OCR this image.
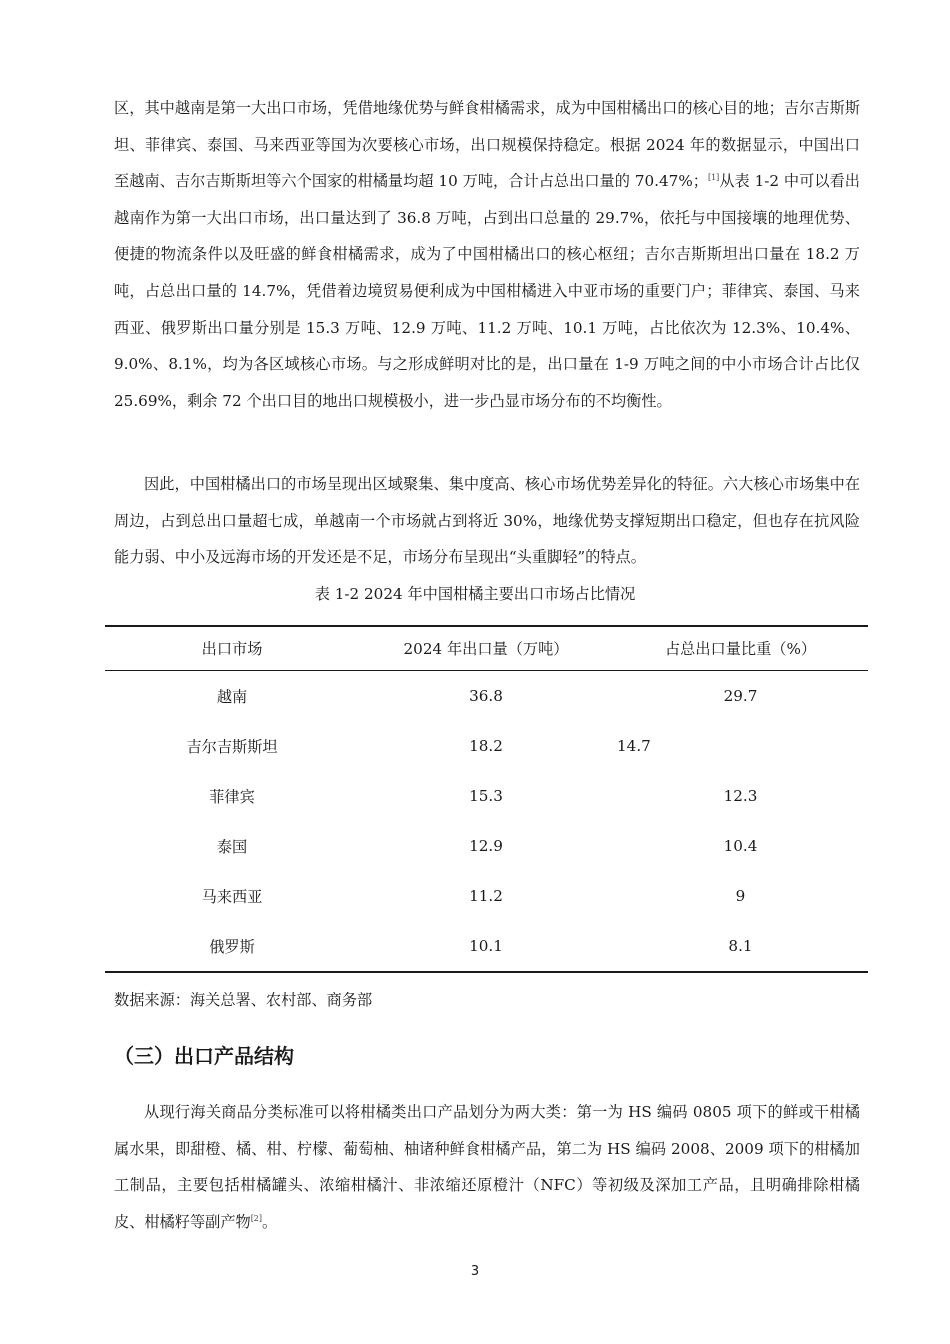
区，其中越南是第一大出口市场，凭借地缘优势与鲜食柑橘需求，成为中国柑橘出口的核心目的地；吉尔吉斯斯坦、菲律宾、泰国、马来西亚等国为次要核心市场，出口规模保持稳定。根据 2024 年的数据显示，中国出口至越南、吉尔吉斯斯坦等六个国家的柑橘量均超 10 万吨，合计占总出口量的 70.47%；[1]从表 1-2 中可以看出越南作为第一大出口市场，出口量达到了 36.8 万吨，占到出口总量的 29.7%，依托与中国接壤的地理优势、便捷的物流条件以及旺盛的鲜食柑橘需求，成为了中国柑橘出口的核心枢纽；吉尔吉斯斯坦出口量在 18.2 万吨，占总出口量的 14.7%，凭借着边境贸易便利成为中国柑橘进入中亚市场的重要门户；菲律宾、泰国、马来西亚、俄罗斯出口量分别是 15.3 万吨、12.9 万吨、11.2 万吨、10.1 万吨，占比依次为 12.3%、10.4%、9.0%、8.1%，均为各区域核心市场。与之形成鲜明对比的是，出口量在 1-9 万吨之间的中小市场合计占比仅 25.69%，剩余 72 个出口目的地出口规模极小，进一步凸显市场分布的不均衡性。

因此，中国柑橘出口的市场呈现出区域聚集、集中度高、核心市场优势差异化的特征。六大核心市场集中在周边，占到总出口量超七成，单越南一个市场就占到将近 30%，地缘优势支撑短期出口稳定，但也存在抗风险能力弱、中小及远海市场的开发还是不足，市场分布呈现出“头重脚轻”的特点。

表 1-2 2024 年中国柑橘主要出口市场占比情况
出口市场	2024 年出口量（万吨）	占总出口量比重（%）
越南	36.8	29.7
吉尔吉斯斯坦	18.2	14.7
菲律宾	15.3	12.3
泰国	12.9	10.4
马来西亚	11.2	9
俄罗斯	10.1	8.1
数据来源：海关总署、农村部、商务部
（三）出口产品结构

从现行海关商品分类标准可以将柑橘类出口产品划分为两大类：第一为 HS 编码 0805 项下的鲜或干柑橘属水果，即甜橙、橘、柑、柠檬、葡萄柚、柚诸种鲜食柑橘产品，第二为 HS 编码 2008、2009 项下的柑橘加工制品，主要包括柑橘罐头、浓缩柑橘汁、非浓缩还原橙汁（NFC）等初级及深加工产品，且明确排除柑橘皮、柑橘籽等副产物[2]。

3
